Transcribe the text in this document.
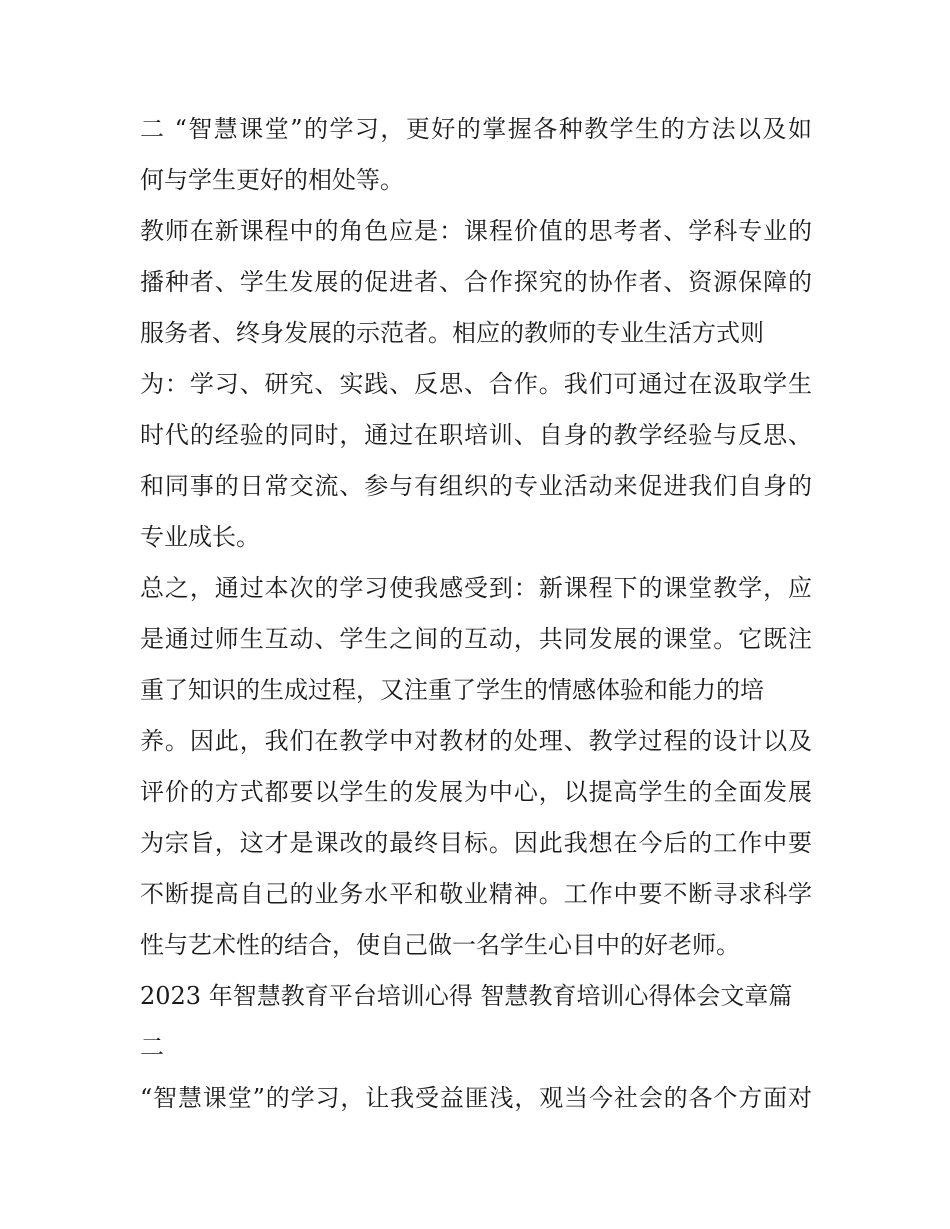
二 “智慧课堂”的学习，更好的掌握各种教学生的方法以及如
何与学生更好的相处等。
教师在新课程中的角色应是：课程价值的思考者、学科专业的
播种者、学生发展的促进者、合作探究的协作者、资源保障的
服务者、终身发展的示范者。相应的教师的专业生活方式则
为：学习、研究、实践、反思、合作。我们可通过在汲取学生
时代的经验的同时，通过在职培训、自身的教学经验与反思、
和同事的日常交流、参与有组织的专业活动来促进我们自身的
专业成长。
总之，通过本次的学习使我感受到：新课程下的课堂教学，应
是通过师生互动、学生之间的互动，共同发展的课堂。它既注
重了知识的生成过程，又注重了学生的情感体验和能力的培
养。因此，我们在教学中对教材的处理、教学过程的设计以及
评价的方式都要以学生的发展为中心，以提高学生的全面发展
为宗旨，这才是课改的最终目标。因此我想在今后的工作中要
不断提高自己的业务水平和敬业精神。工作中要不断寻求科学
性与艺术性的结合，使自己做一名学生心目中的好老师。
2023 年智慧教育平台培训心得 智慧教育培训心得体会文章篇
二
“智慧课堂”的学习，让我受益匪浅，观当今社会的各个方面对
